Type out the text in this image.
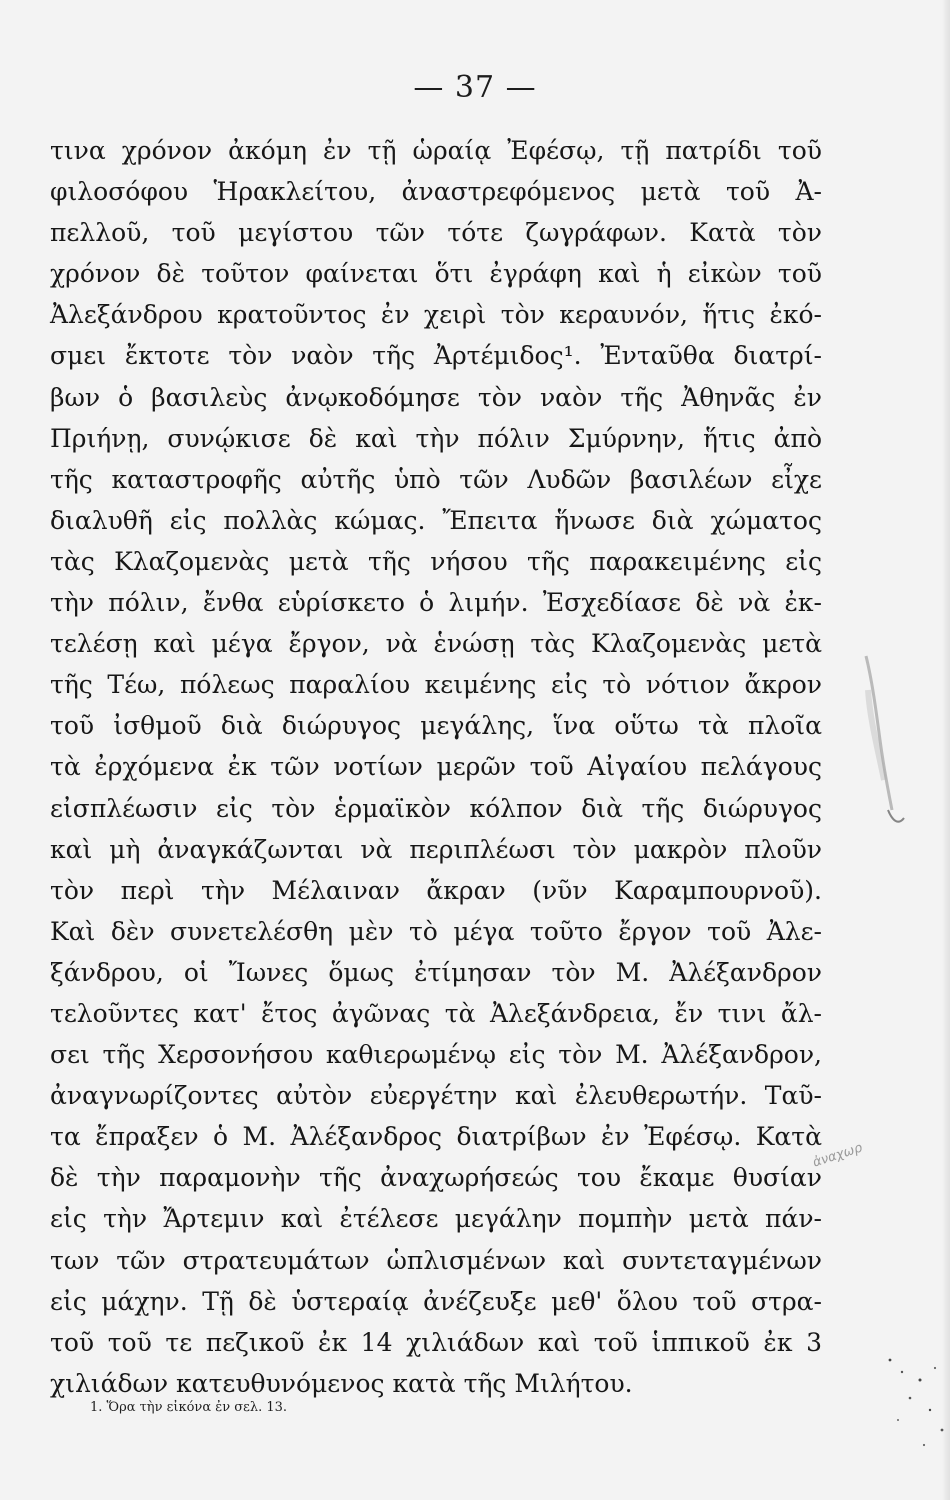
— 37 —
τινα χρόνον ἀκόμη ἐν τῇ ὡραίᾳ Ἐφέσῳ, τῇ πατρίδι τοῦ
φιλοσόφου Ἡρακλείτου, ἀναστρεφόμενος μετὰ τοῦ Ἀ-
πελλοῦ, τοῦ μεγίστου τῶν τότε ζωγράφων. Κατὰ τὸν
χρόνον δὲ τοῦτον φαίνεται ὅτι ἐγράφη καὶ ἡ εἰκὼν τοῦ
Ἀλεξάνδρου κρατοῦντος ἐν χειρὶ τὸν κεραυνόν, ἥτις ἐκό-
σμει ἔκτοτε τὸν ναὸν τῆς Ἀρτέμιδος¹. Ἐνταῦθα διατρί-
βων ὁ βασιλεὺς ἀνῳκοδόμησε τὸν ναὸν τῆς Ἀθηνᾶς ἐν
Πριήνῃ, συνῴκισε δὲ καὶ τὴν πόλιν Σμύρνην, ἥτις ἀπὸ
τῆς καταστροφῆς αὐτῆς ὑπὸ τῶν Λυδῶν βασιλέων εἶχε
διαλυθῆ εἰς πολλὰς κώμας. Ἔπειτα ἥνωσε διὰ χώματος
τὰς Κλαζομενὰς μετὰ τῆς νήσου τῆς παρακειμένης εἰς
τὴν πόλιν, ἔνθα εὑρίσκετο ὁ λιμήν. Ἐσχεδίασε δὲ νὰ ἐκ-
τελέσῃ καὶ μέγα ἔργον, νὰ ἑνώσῃ τὰς Κλαζομενὰς μετὰ
τῆς Τέω, πόλεως παραλίου κειμένης εἰς τὸ νότιον ἄκρον
τοῦ ἰσθμοῦ διὰ διώρυγος μεγάλης, ἵνα οὕτω τὰ πλοῖα
τὰ ἐρχόμενα ἐκ τῶν νοτίων μερῶν τοῦ Αἰγαίου πελάγους
εἰσπλέωσιν εἰς τὸν ἑρμαϊκὸν κόλπον διὰ τῆς διώρυγος
καὶ μὴ ἀναγκάζωνται νὰ περιπλέωσι τὸν μακρὸν πλοῦν
τὸν περὶ τὴν Μέλαιναν ἄκραν (νῦν Καραμπουρνοῦ).
Καὶ δὲν συνετελέσθη μὲν τὸ μέγα τοῦτο ἔργον τοῦ Ἀλε-
ξάνδρου, οἱ Ἴωνες ὅμως ἐτίμησαν τὸν Μ. Ἀλέξανδρον
τελοῦντες κατ' ἔτος ἀγῶνας τὰ Ἀλεξάνδρεια, ἔν τινι ἄλ-
σει τῆς Χερσονήσου καθιερωμένῳ εἰς τὸν Μ. Ἀλέξανδρον,
ἀναγνωρίζοντες αὐτὸν εὐεργέτην καὶ ἐλευθερωτήν. Ταῦ-
τα ἔπραξεν ὁ Μ. Ἀλέξανδρος διατρίβων ἐν Ἐφέσῳ. Κατὰ
δὲ τὴν παραμονὴν τῆς ἀναχωρήσεώς του ἔκαμε θυσίαν
εἰς τὴν Ἄρτεμιν καὶ ἐτέλεσε μεγάλην πομπὴν μετὰ πάν-
των τῶν στρατευμάτων ὡπλισμένων καὶ συντεταγμένων
εἰς μάχην. Τῇ δὲ ὑστεραίᾳ ἀνέζευξε μεθ' ὅλου τοῦ στρα-
τοῦ τοῦ τε πεζικοῦ ἐκ 14 χιλιάδων καὶ τοῦ ἱππικοῦ ἐκ 3
χιλιάδων κατευθυνόμενος κατὰ τῆς Μιλήτου.
1. Ὅρα τὴν εἰκόνα ἐν σελ. 13.
ἀναχωρ
